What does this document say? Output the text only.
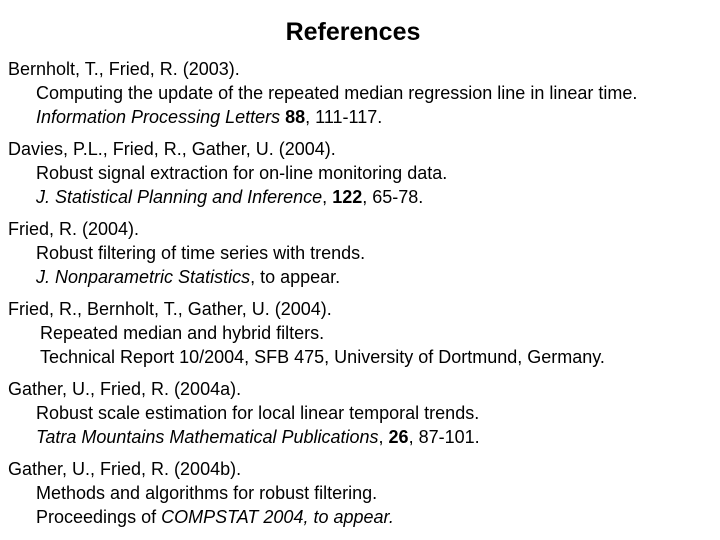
References
Bernholt, T., Fried, R. (2003).
Computing the update of the repeated median regression line in linear time.
Information Processing Letters 88, 111-117.
Davies, P.L., Fried, R., Gather, U. (2004).
Robust signal extraction for on-line monitoring data.
J. Statistical Planning and Inference, 122, 65-78.
Fried, R. (2004).
Robust filtering of time series with trends.
J. Nonparametric Statistics, to appear.
Fried, R., Bernholt, T., Gather, U. (2004).
Repeated median and hybrid filters.
Technical Report 10/2004, SFB 475, University of Dortmund, Germany.
Gather, U., Fried, R. (2004a).
Robust scale estimation for local linear temporal trends.
Tatra Mountains Mathematical Publications, 26, 87-101.
Gather, U., Fried, R. (2004b).
Methods and algorithms for robust filtering.
Proceedings of COMPSTAT 2004, to appear.
